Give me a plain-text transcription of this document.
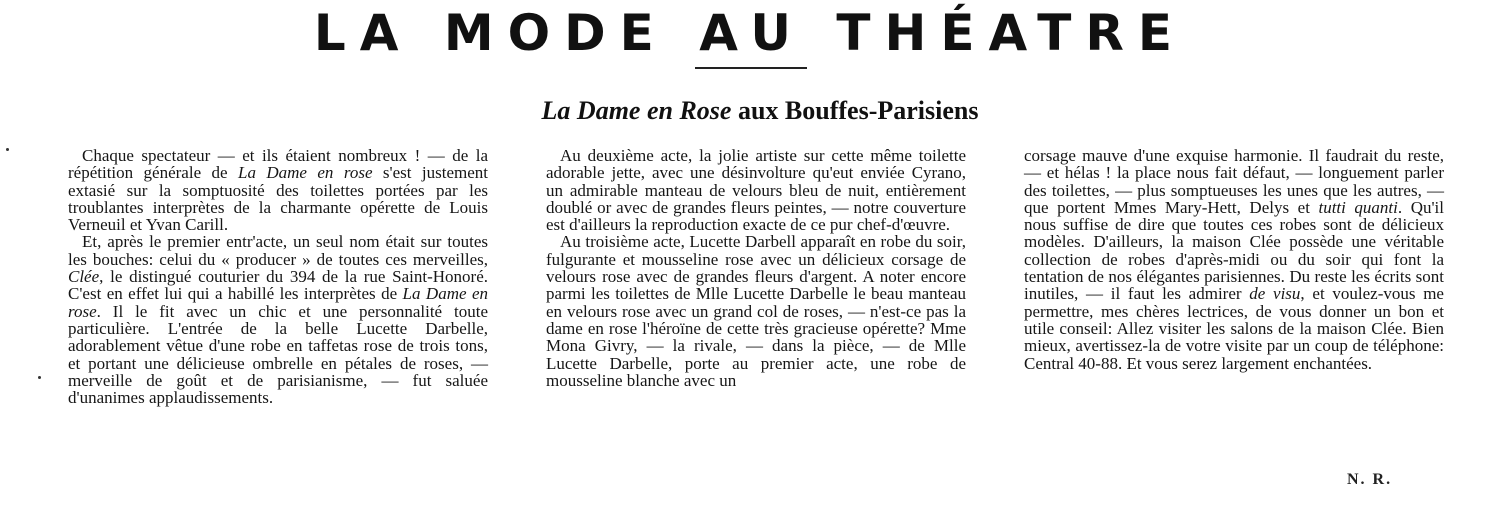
LA MODE AU THÉATRE
La Dame en Rose aux Bouffes-Parisiens

Chaque spectateur — et ils étaient nombreux ! — de la répétition générale de La Dame en rose s'est justement extasié sur la somptuosité des toilettes portées par les troublantes interprètes de la charmante opérette de Louis Verneuil et Yvan Carill.

Et, après le premier entr'acte, un seul nom était sur toutes les bouches: celui du « producer » de toutes ces merveilles, Clée, le distingué couturier du 394 de la rue Saint-Honoré. C'est en effet lui qui a habillé les interprètes de La Dame en rose. Il le fit avec un chic et une personnalité toute particulière. L'entrée de la belle Lucette Darbelle, adorablement vêtue d'une robe en taffetas rose de trois tons, et portant une délicieuse ombrelle en pétales de roses, — merveille de goût et de parisianisme, — fut saluée d'unanimes applaudissements.

Au deuxième acte, la jolie artiste sur cette même toilette adorable jette, avec une désinvolture qu'eut enviée Cyrano, un admirable manteau de velours bleu de nuit, entièrement doublé or avec de grandes fleurs peintes, — notre couverture est d'ailleurs la reproduction exacte de ce pur chef-d'œuvre.

Au troisième acte, Lucette Darbell apparaît en robe du soir, fulgurante et mousseline rose avec un délicieux corsage de velours rose avec de grandes fleurs d'argent. A noter encore parmi les toilettes de Mlle Lucette Darbelle le beau manteau en velours rose avec un grand col de roses, — n'est-ce pas la dame en rose l'héroïne de cette très gracieuse opérette? Mme Mona Givry, — la rivale, — dans la pièce, — de Mlle Lucette Darbelle, porte au premier acte, une robe de mousseline blanche avec un

corsage mauve d'une exquise harmonie. Il faudrait du reste, — et hélas ! la place nous fait défaut, — longuement parler des toilettes, — plus somptueuses les unes que les autres, — que portent Mmes Mary-Hett, Delys et tutti quanti. Qu'il nous suffise de dire que toutes ces robes sont de délicieux modèles. D'ailleurs, la maison Clée possède une véritable collection de robes d'après-midi ou du soir qui font la tentation de nos élégantes parisiennes. Du reste les écrits sont inutiles, — il faut les admirer de visu, et voulez-vous me permettre, mes chères lectrices, de vous donner un bon et utile conseil: Allez visiter les salons de la maison Clée. Bien mieux, avertissez-la de votre visite par un coup de téléphone: Central 40-88. Et vous serez largement enchantées.

N. R.
